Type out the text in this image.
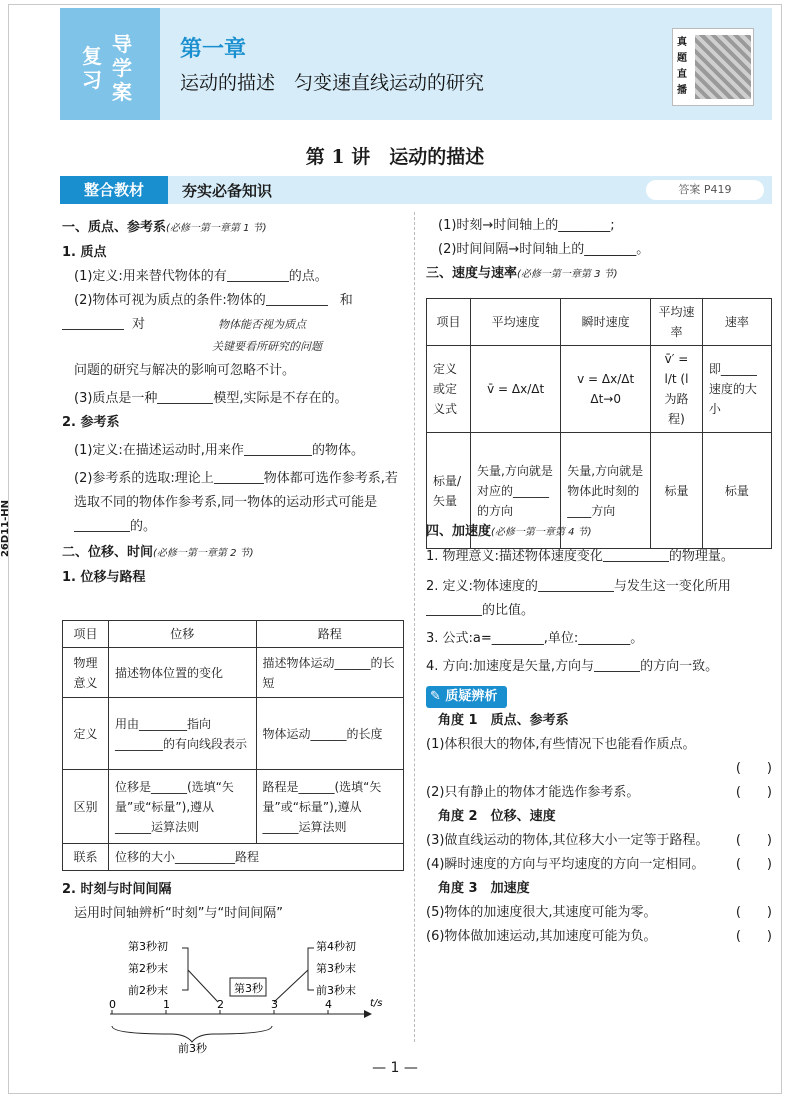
复习
导学案
第一章
运动的描述　匀变速直线运动的研究
真题直播
第 1 讲　运动的描述
整合教材	夯实必备知识	答案 P419
26D11-HN
一、质点、参考系(必修一第一章第 1 节)
1. 质点
(1)定义:用来替代物体的有	的点。
(2)物体可视为质点的条件:物体的	和
对	物体能否视为质点
关键要看所研究的问题
问题的研究与解决的影响可忽略不计。
(3)质点是一种	模型,实际是不存在的。
2. 参考系
(1)定义:在描述运动时,用来作	的物体。
(2)参考系的选取:理论上	物体都可选作参考系,若选取不同的物体作参考系,同一物体的运动形式可能是的。
二、位移、时间(必修一第一章第 2 节)
1. 位移与路程
项目	位移	路程
物理意义	描述物体位置的变化	描述物体运动______的长短
定义	用由________指向________的有向线段表示	物体运动______的长度
区别	位移是______(选填“矢量”或“标量”),遵从______运算法则	路程是______(选填“矢量”或“标量”),遵从______运算法则
联系	位移的大小__________路程	
2. 时刻与时间间隔
运用时间轴辨析“时刻”与“时间间隔”
第3秒初
第2秒末
前2秒末
第4秒初
第3秒末
前3秒末
第3秒
0	1	2	3	4	t/s
前3秒
(1)时刻→时间轴上的________;
(2)时间间隔→时间轴上的________。
三、速度与速率(必修一第一章第 3 节)
项目	平均速度	瞬时速度	平均速率	速率
定义或定义式	v̄ = Δx/Δt	v = Δx/Δt Δt→0	v̄′ = l/t (l 为路程)	即______速度的大小
标量/矢量	矢量,方向就是对应的______的方向	矢量,方向就是物体此时刻的____方向	标量	标量
四、加速度(必修一第一章第 4 节)
1. 物理意义:描述物体速度变化	的物理量。
2. 定义:物体速度的	与发生这一变化所用的比值。
3. 公式:a=________,单位:________。
4. 方向:加速度是矢量,方向与	的方向一致。
✎ 质疑辨析
角度 1　质点、参考系
(1)体积很大的物体,有些情况下也能看作质点。
(　　)

(2)只有静止的物体才能选作参考系。	(　　)
角度 2　位移、速度
(3)做直线运动的物体,其位移大小一定等于路程。 (　　)
(4)瞬时速度的方向与平均速度的方向一定相同。 (　　)
角度 3　加速度
(5)物体的加速度很大,其速度可能为零。	(　　)
(6)物体做加速运动,其加速度可能为负。	(　　)
— 1 —
